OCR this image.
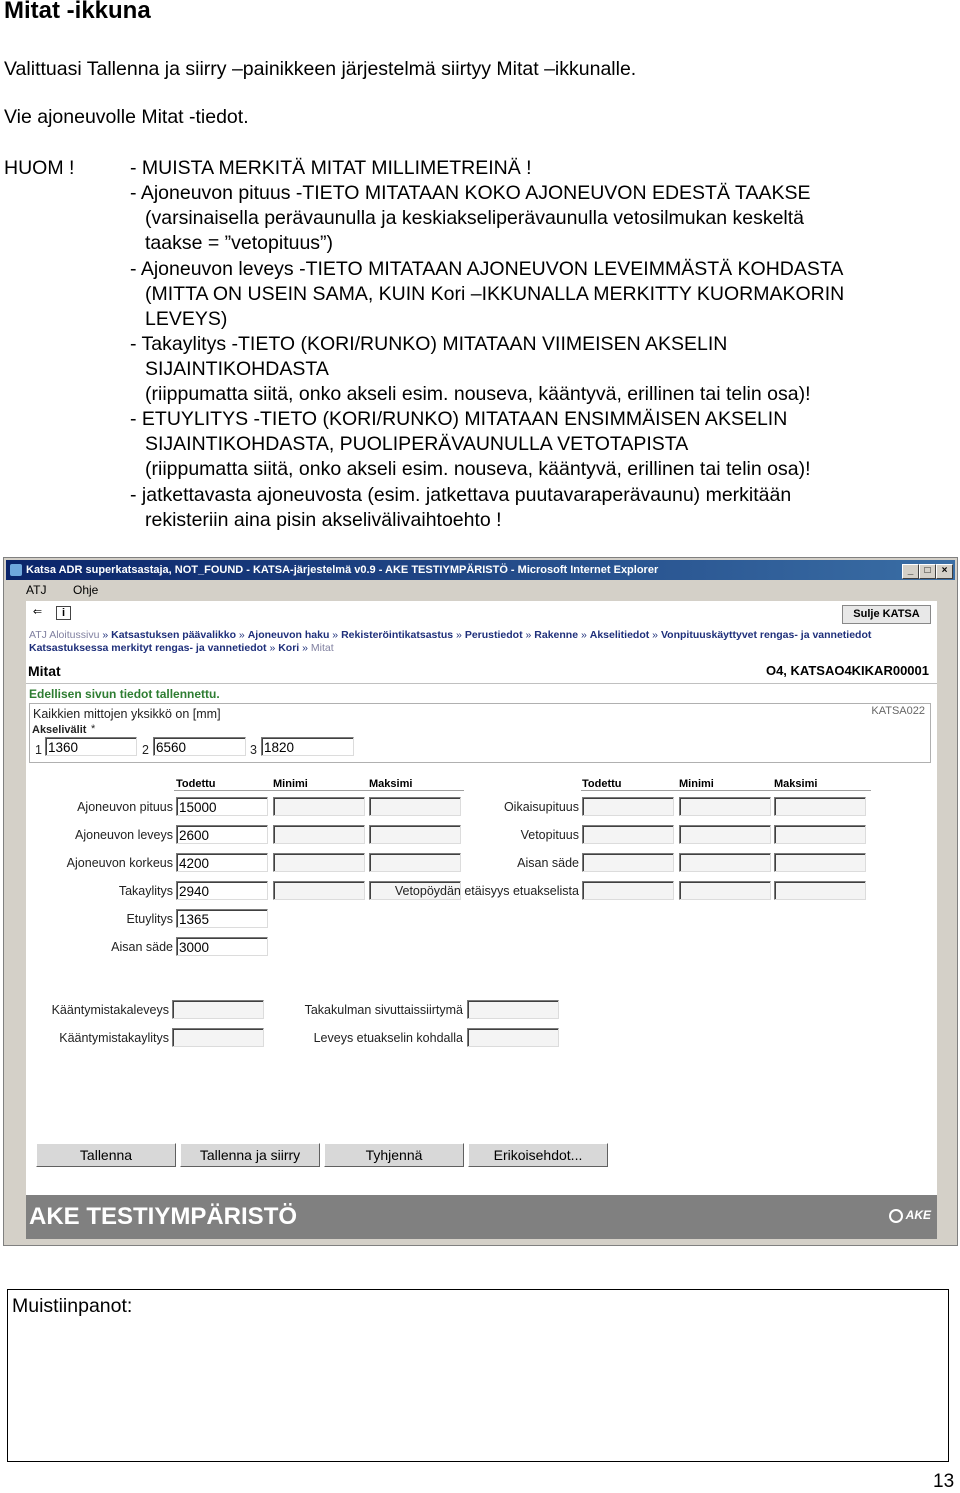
Mitat -ikkuna
Valittuasi Tallenna ja siirry –painikkeen järjestelmä siirtyy Mitat –ikkunalle.
Vie ajoneuvolle Mitat -tiedot.
HUOM !	- MUISTA MERKITÄ MITAT MILLIMETREINÄ !
- Ajoneuvon pituus -TIETO MITATAAN KOKO AJONEUVON EDESTÄ TAAKSE
(varsinaisella perävaunulla ja keskiakseliperävaunulla vetosilmukan keskeltä
taakse = ”vetopituus”)
- Ajoneuvon leveys -TIETO MITATAAN AJONEUVON LEVEIMMÄSTÄ KOHDASTA
(MITTA ON USEIN SAMA, KUIN Kori –IKKUNALLA MERKITTY KUORMAKORIN
LEVEYS)
- Takaylitys -TIETO (KORI/RUNKO) MITATAAN VIIMEISEN AKSELIN
SIJAINTIKOHDASTA
(riippumatta siitä, onko akseli esim. nouseva, kääntyvä, erillinen tai telin osa)!
- ETUYLITYS -TIETO (KORI/RUNKO) MITATAAN ENSIMMÄISEN AKSELIN
SIJAINTIKOHDASTA, PUOLIPERÄVAUNULLA VETOTAPISTA
(riippumatta siitä, onko akseli esim. nouseva, kääntyvä, erillinen tai telin osa)!
- jatkettavasta ajoneuvosta (esim. jatkettava puutavaraperävaunu) merkitään
rekisteriin aina pisin akselivälivaihtoehto !
Katsa ADR superkatsastaja, NOT_FOUND - KATSA-järjestelmä v0.9 - AKE TESTIYMPÄRISTÖ - Microsoft Internet Explorer	_	□	×
ATJ Ohje
⇐	i	Sulje KATSA
ATJ Aloitussivu » Katsastuksen päävalikko » Ajoneuvon haku » Rekisteröintikatsastus » Perustiedot » Rakenne » Akselitiedot » Vonpituuskäyttyvet rengas- ja vannetiedot
Katsastuksessa merkityt rengas- ja vannetiedot » Kori » Mitat
Mitat	O4, KATSAO4KIKAR00001
Edellisen sivun tiedot tallennettu.
Kaikkien mittojen yksikkö on [mm]	KATSA022
Akselivälit *
1 1360	2 6560	3 1820
Todettu	Minimi	Maksimi	Todettu	Minimi	Maksimi
Ajoneuvon pituus 15000
Ajoneuvon leveys 2600
Ajoneuvon korkeus 4200
Takaylitys 2940
Etuylitys 1365
Aisan säde 3000
Oikaisupituus
Vetopituus
Aisan säde
Vetopöydän etäisyys etuakselista
Kääntymistakaleveys
Kääntymistakaylitys
Takakulman sivuttaissiirtymä
Leveys etuakselin kohdalla
Tallenna	Tallenna ja siirry	Tyhjennä	Erikoisehdot...
AKE TESTIYMPÄRISTÖ	AKE
Muistiinpanot:
13
